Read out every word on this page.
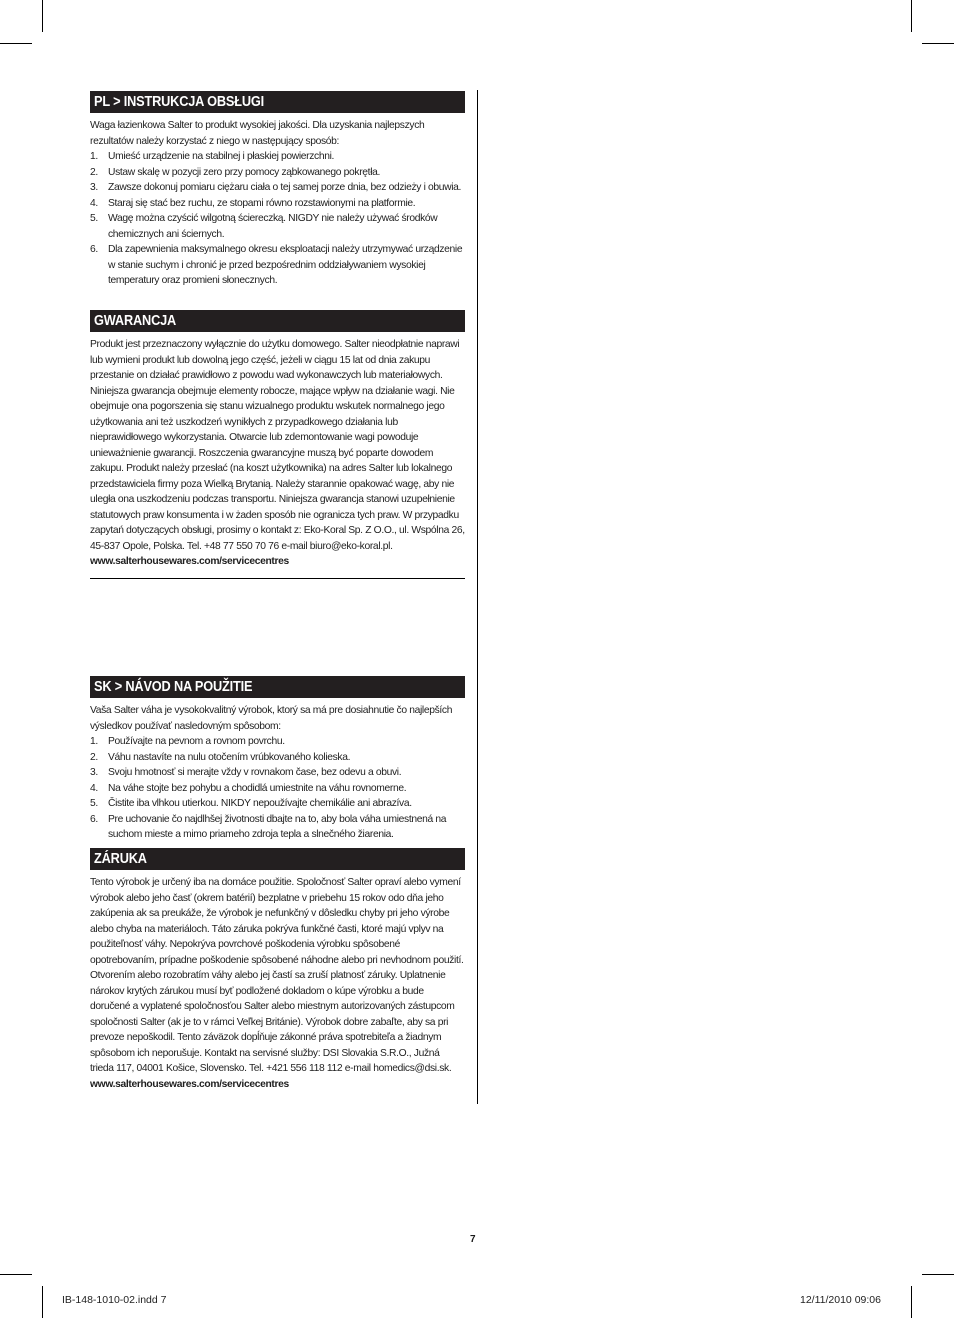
PL > INSTRUKCJA OBSŁUGI

Waga łazienkowa Salter to produkt wysokiej jakości. Dla uzyskania najlepszych rezultatów należy korzystać z niego w następujący sposób:

1. Umieść urządzenie na stabilnej i płaskiej powierzchni.
2. Ustaw skalę w pozycji zero przy pomocy ząbkowanego pokrętła.
3. Zawsze dokonuj pomiaru ciężaru ciała o tej samej porze dnia, bez odzieży i obuwia.
4. Staraj się stać bez ruchu, ze stopami równo rozstawionymi na platformie.
5. Wagę można czyścić wilgotną ściereczką. NIGDY nie należy używać środków chemicznych ani ściernych.
6. Dla zapewnienia maksymalnego okresu eksploatacji należy utrzymywać urządzenie w stanie suchym i chronić je przed bezpośrednim oddziaływaniem wysokiej temperatury oraz promieni słonecznych.
GWARANCJA

Produkt jest przeznaczony wyłącznie do użytku domowego. Salter nieodpłatnie naprawi lub wymieni produkt lub dowolną jego część, jeżeli w ciągu 15 lat od dnia zakupu przestanie on działać prawidłowo z powodu wad wykonawczych lub materiałowych. Niniejsza gwarancja obejmuje elementy robocze, mające wpływ na działanie wagi. Nie obejmuje ona pogorszenia się stanu wizualnego produktu wskutek normalnego jego użytkowania ani też uszkodzeń wynikłych z przypadkowego działania lub nieprawidłowego wykorzystania. Otwarcie lub zdemontowanie wagi powoduje unieważnienie gwarancji. Roszczenia gwarancyjne muszą być poparte dowodem zakupu. Produkt należy przesłać (na koszt użytkownika) na adres Salter lub lokalnego przedstawiciela firmy poza Wielką Brytanią. Należy starannie opakować wagę, aby nie uległa ona uszkodzeniu podczas transportu. Niniejsza gwarancja stanowi uzupełnienie statutowych praw konsumenta i w żaden sposób nie ogranicza tych praw. W przypadku zapytań dotyczących obsługi, prosimy o kontakt z: Eko-Koral Sp. Z O.O., ul. Wspólna 26, 45-837 Opole, Polska. Tel. +48 77 550 70 76 e-mail biuro@eko-koral.pl.

www.salterhousewares.com/servicecentres

SK > NÁVOD NA POUŽITIE

Vaša Salter váha je vysokokvalitný výrobok, ktorý sa má pre dosiahnutie čo najlepších výsledkov používať nasledovným spôsobom:

1. Používajte na pevnom a rovnom povrchu.
2. Váhu nastavíte na nulu otočením vrúbkovaného kolieska.
3. Svoju hmotnosť si merajte vždy v rovnakom čase, bez odevu a obuvi.
4. Na váhe stojte bez pohybu a chodidlá umiestnite na váhu rovnomerne.
5. Čistite iba vlhkou utierkou. NIKDY nepoužívajte chemikálie ani abrazíva.
6. Pre uchovanie čo najdlhšej životnosti dbajte na to, aby bola váha umiestnená na suchom mieste a mimo priameho zdroja tepla a slnečného žiarenia.
ZÁRUKA

Tento výrobok je určený iba na domáce použitie. Spoločnosť Salter opraví alebo vymení výrobok alebo jeho časť (okrem batérií) bezplatne v priebehu 15 rokov odo dňa jeho zakúpenia ak sa preukáže, že výrobok je nefunkčný v dôsledku chyby pri jeho výrobe alebo chyba na materiáloch. Táto záruka pokrýva funkčné časti, ktoré majú vplyv na použiteľnosť váhy. Nepokrýva povrchové poškodenia výrobku spôsobené opotrebovaním, prípadne poškodenie spôsobené náhodne alebo pri nevhodnom použití. Otvorením alebo rozobratím váhy alebo jej častí sa zruší platnosť záruky. Uplatnenie nárokov krytých zárukou musí byť podložené dokladom o kúpe výrobku a bude doručené a vyplatené spoločnosťou Salter alebo miestnym autorizovaných zástupcom spoločnosti Salter (ak je to v rámci Veľkej Británie). Výrobok dobre zabaľte, aby sa pri prevoze nepoškodil. Tento záväzok dopĺňuje zákonné práva spotrebiteľa a žiadnym spôsobom ich neporušuje. Kontakt na servisné služby: DSI Slovakia S.R.O., Južná trieda 117, 04001 Košice, Slovensko. Tel. +421 556 118 112 e-mail homedics@dsi.sk.

www.salterhousewares.com/servicecentres

7
IB-148-1010-02.indd 7	12/11/2010 09:06
